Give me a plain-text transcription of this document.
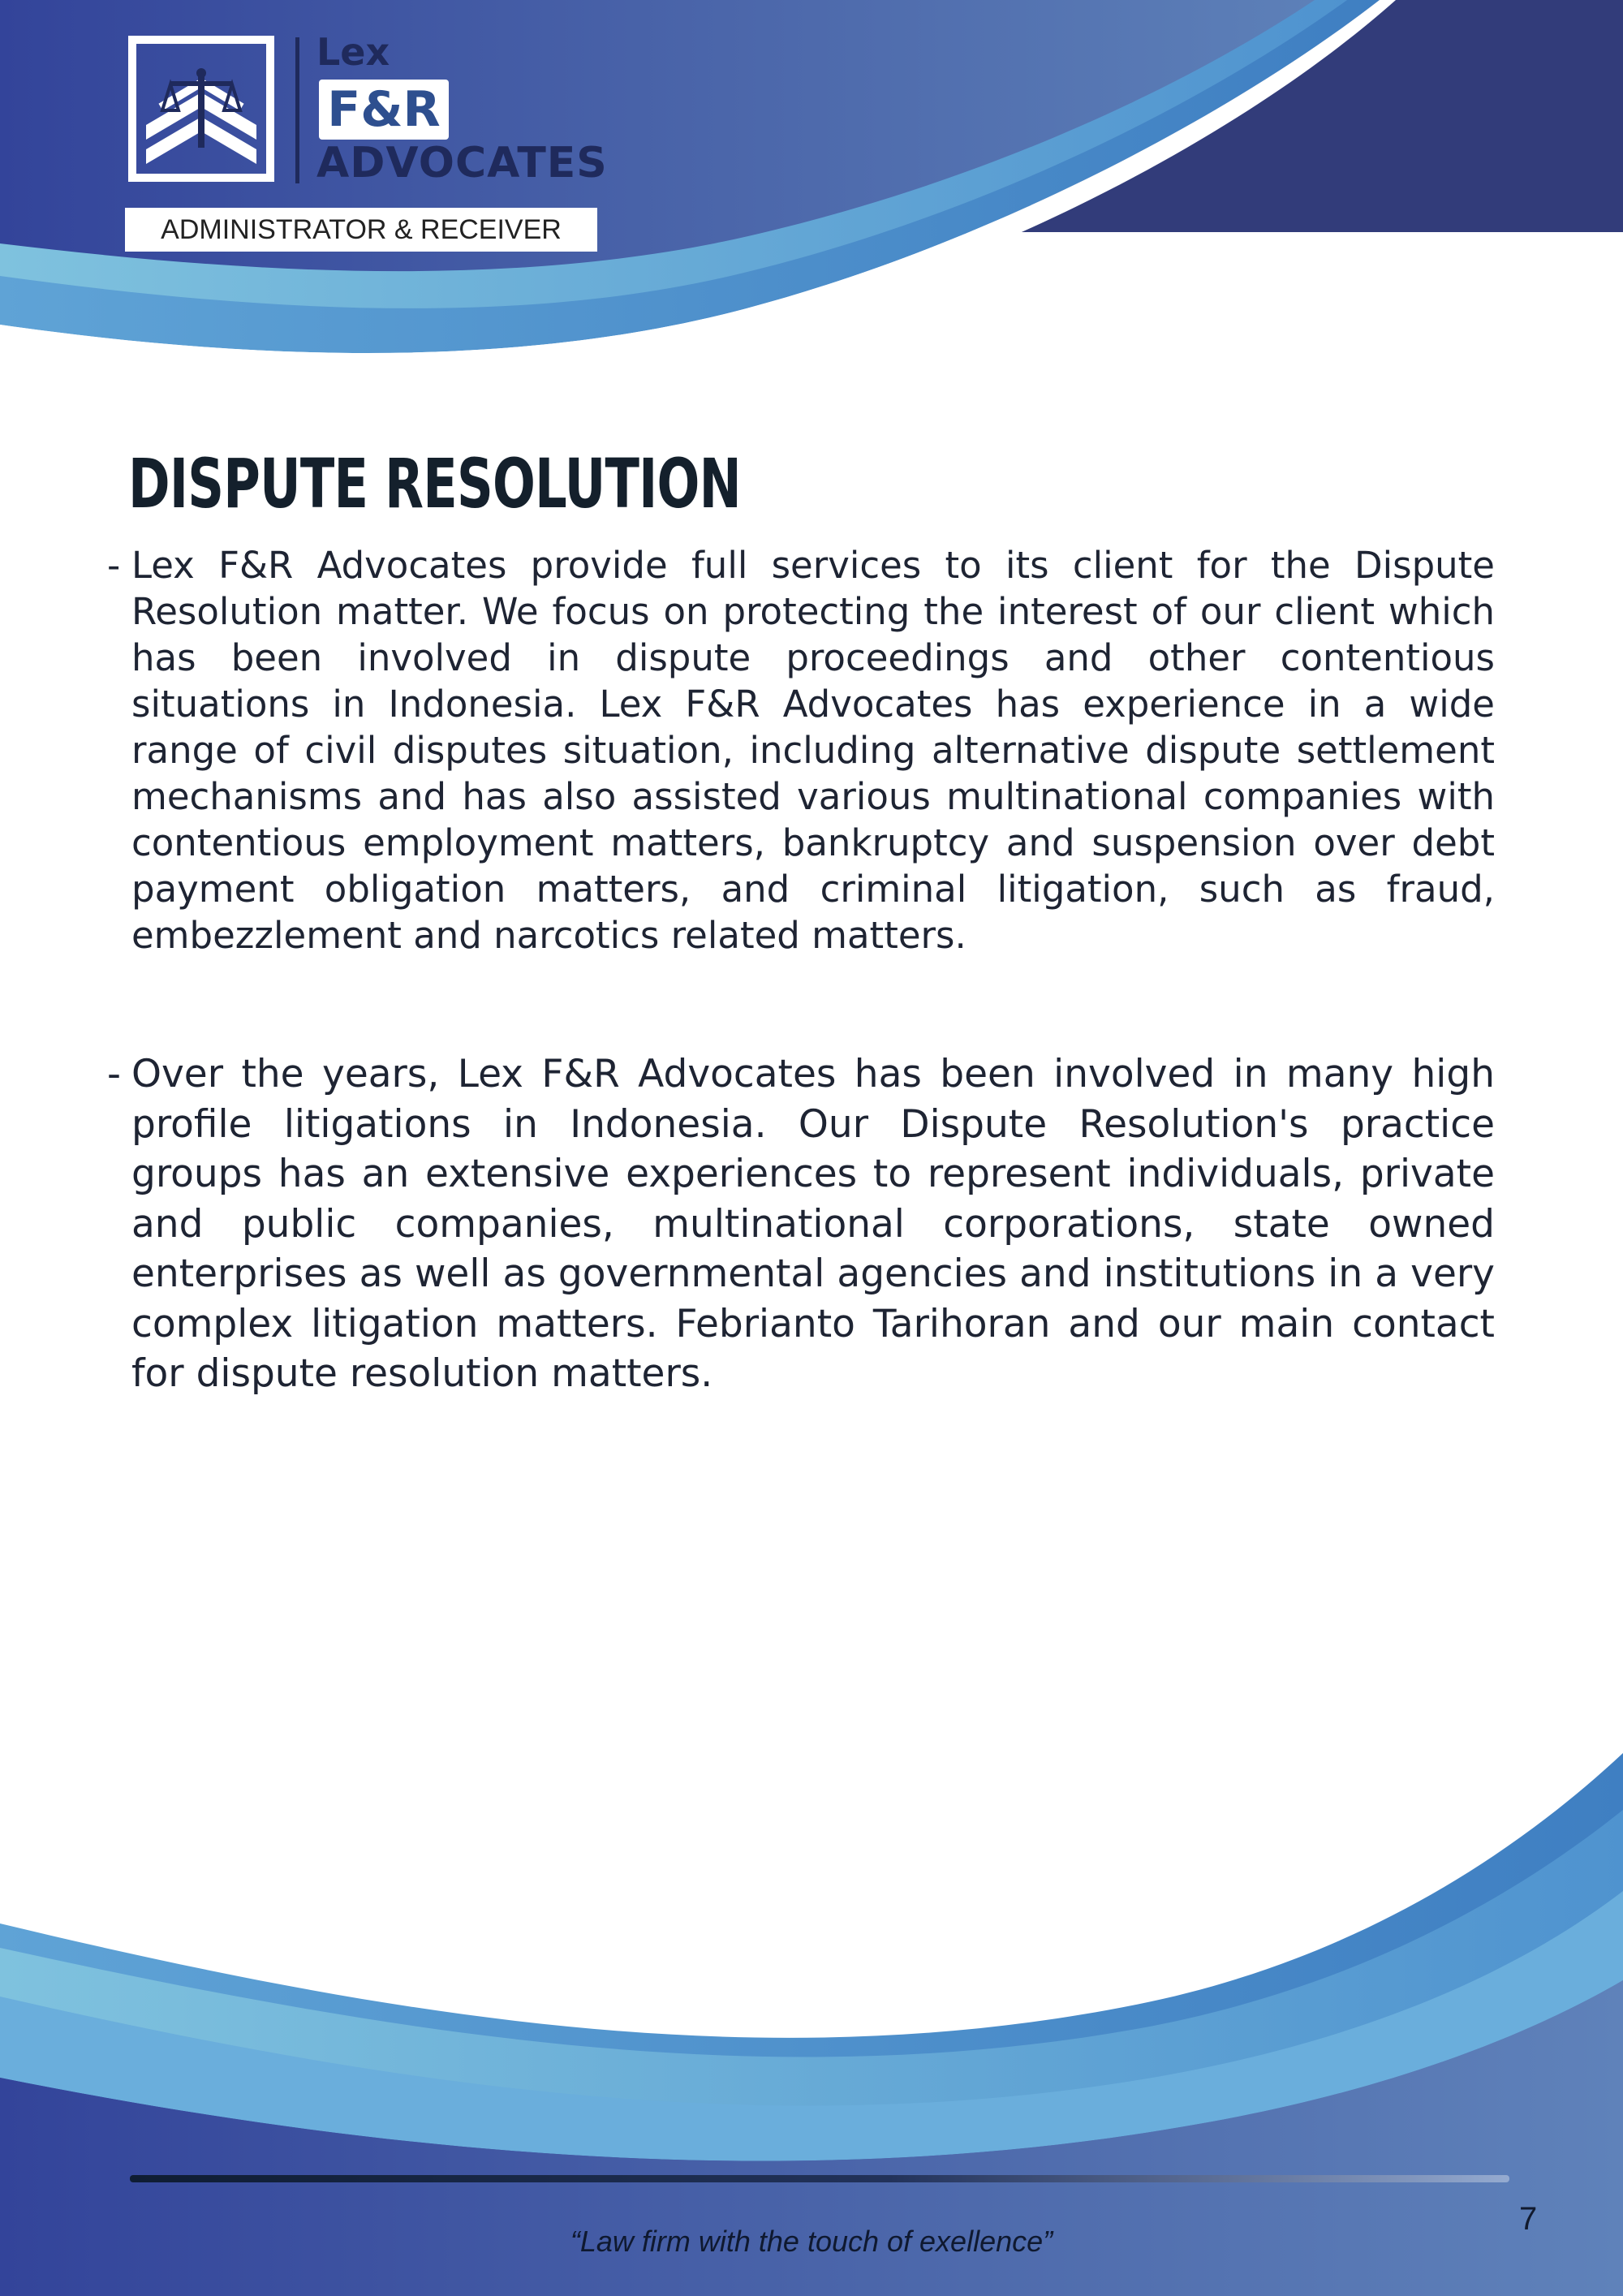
Lex
F&R
ADVOCATES
ADMINISTRATOR & RECEIVER
DISPUTE RESOLUTION
- Lex F&R Advocates provide full services to its client for the Dispute Resolution matter. We focus on protecting the interest of our client which has been involved in dispute proceedings and other contentious situations in Indonesia. Lex F&R Advocates has experience in a wide range of civil disputes situation, including alternative dispute settlement mechanisms and has also assisted various multinational companies with contentious employment matters, bankruptcy and suspension over debt payment obligation matters, and criminal litigation, such as fraud, embezzlement and narcotics related matters.

- Over the years, Lex F&R Advocates has been involved in many high profile litigations in Indonesia. Our Dispute Resolution's practice groups has an extensive experiences to represent individuals, private and public companies, multinational corporations, state owned enterprises as well as governmental agencies and institutions in a very complex litigation matters. Febrianto Tarihoran and our main contact for dispute resolution matters.

7
“Law firm with the touch of exellence”
